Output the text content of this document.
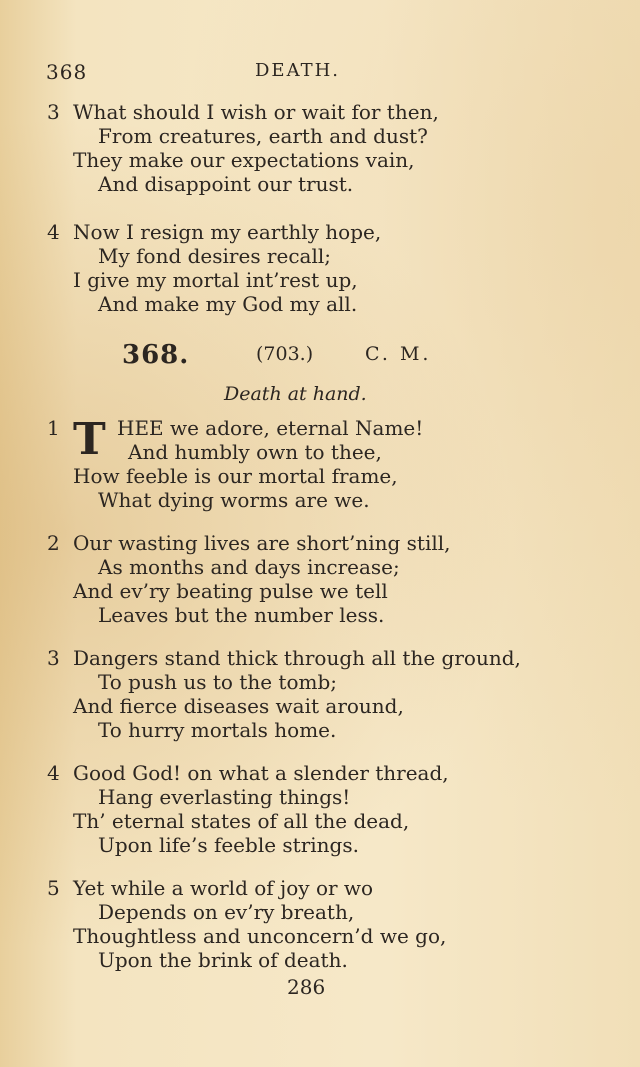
368	DEATH.
3 What should I wish or wait for then,
From creatures, earth and dust?
They make our expectations vain,
And disappoint our trust.
4 Now I resign my earthly hope,
My fond desires recall;
I give my mortal int’rest up,
And make my God my all.
368.	(703.)	C. M.
Death at hand.
T
1	HEE we adore, eternal Name!
And humbly own to thee,
How feeble is our mortal frame,
What dying worms are we.
2 Our wasting lives are short’ning still,
As months and days increase;
And ev’ry beating pulse we tell
Leaves but the number less.
3 Dangers stand thick through all the ground,
To push us to the tomb;
And fierce diseases wait around,
To hurry mortals home.
4 Good God! on what a slender thread,
Hang everlasting things!
Th’ eternal states of all the dead,
Upon life’s feeble strings.
5 Yet while a world of joy or wo
Depends on ev’ry breath,
Thoughtless and unconcern’d we go,
Upon the brink of death.
286
